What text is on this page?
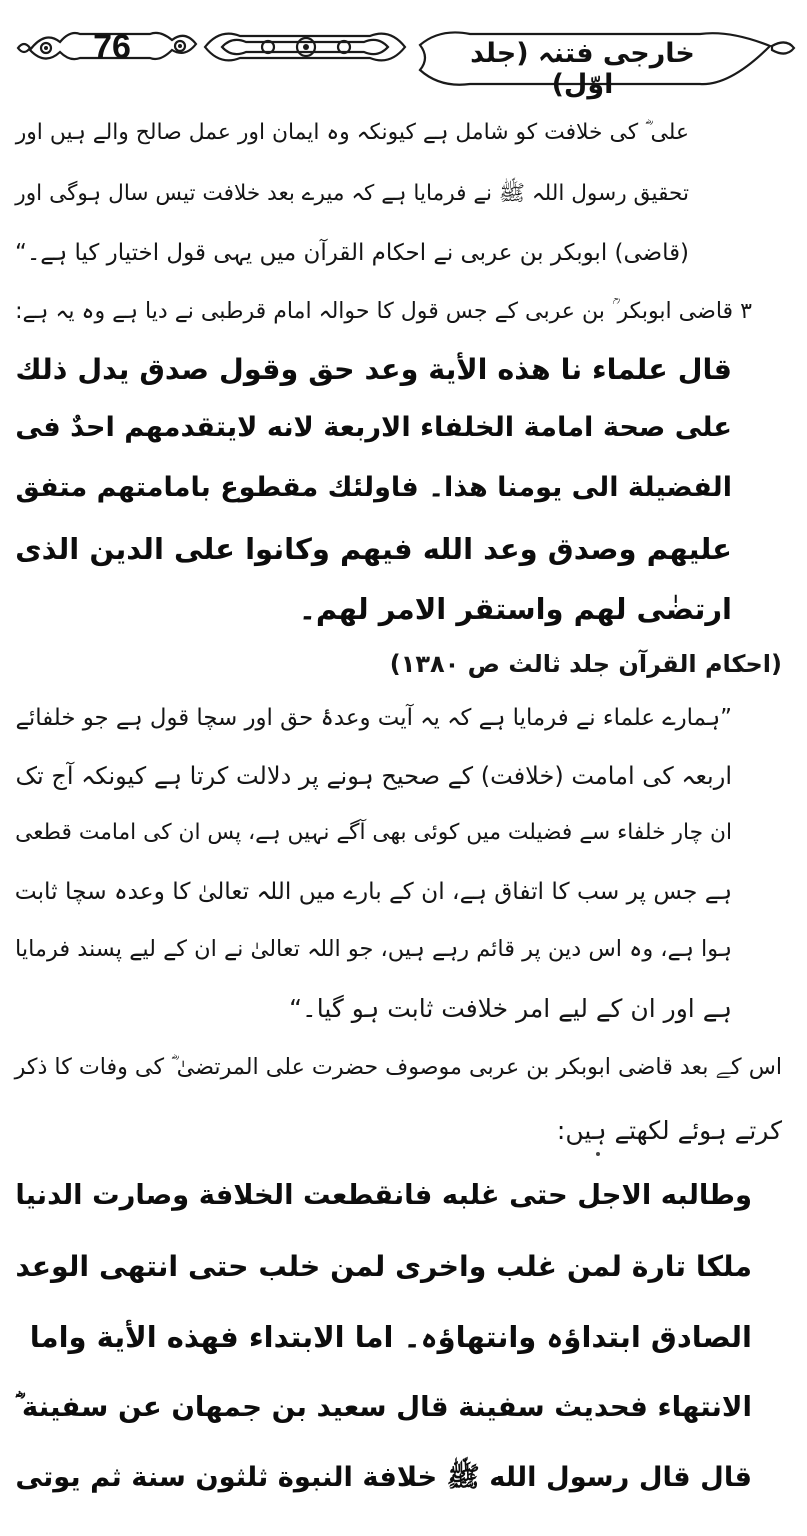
76	خارجی فتنہ (جلد اوّل)
علی ؓ کی خلافت کو شامل ہے کیونکہ وہ ایمان اور عمل صالح والے ہیں اور
تحقیق رسول اللہ ﷺ نے فرمایا ہے کہ میرے بعد خلافت تیس سال ہوگی اور
(قاضی) ابوبکر بن عربی نے احکام القرآن میں یہی قول اختیار کیا ہے۔“
۳ قاضی ابوبکر ؒ بن عربی کے جس قول کا حوالہ امام قرطبی نے دیا ہے وہ یہ ہے:
قال علماء نا هذه الأية وعد حق وقول صدق يدل ذلك
على صحة امامة الخلفاء الاربعة لانه لايتقدمهم احدٌ فى
الفضيلة الى يومنا هذا۔ فاولئك مقطوع بامامتهم متفق
عليهم وصدق وعد الله فيهم وكانوا على الدين الذى
ارتضٰى لهم واستقر الامر لهم۔
(احكام القرآن جلد ثالث ص ۱۳۸۰)
”ہمارے علماء نے فرمایا ہے کہ یہ آیت وعدۂ حق اور سچا قول ہے جو خلفائے
اربعہ کی امامت (خلافت) کے صحیح ہونے پر دلالت کرتا ہے کیونکہ آج تک
ان چار خلفاء سے فضیلت میں کوئی بھی آگے نہیں ہے، پس ان کی امامت قطعی
ہے جس پر سب کا اتفاق ہے، ان کے بارے میں اللہ تعالیٰ کا وعدہ سچا ثابت
ہوا ہے، وہ اس دین پر قائم رہے ہیں، جو اللہ تعالیٰ نے ان کے لیے پسند فرمایا
ہے اور ان کے لیے امر خلافت ثابت ہو گیا۔“
اس کے بعد قاضی ابوبکر بن عربی موصوف حضرت علی المرتضیٰ ؓ کی وفات کا ذکر
کرتے ہوئے لکھتے ہیں:
وطالبه الاجل حتى غلبه فانقطعت الخلافة وصارت الدنيا
ملكا تارة لمن غلب واخرى لمن خلب حتى انتهى الوعد
الصادق ابتداؤہ وانتهاؤہ۔ اما الابتداء فهذه الأية واما
الانتهاء فحديث سفينة قال سعيد بن جمهان عن سفينة ؓ
قال قال رسول الله ﷺ خلافة النبوة ثلثون سنة ثم يوتى
